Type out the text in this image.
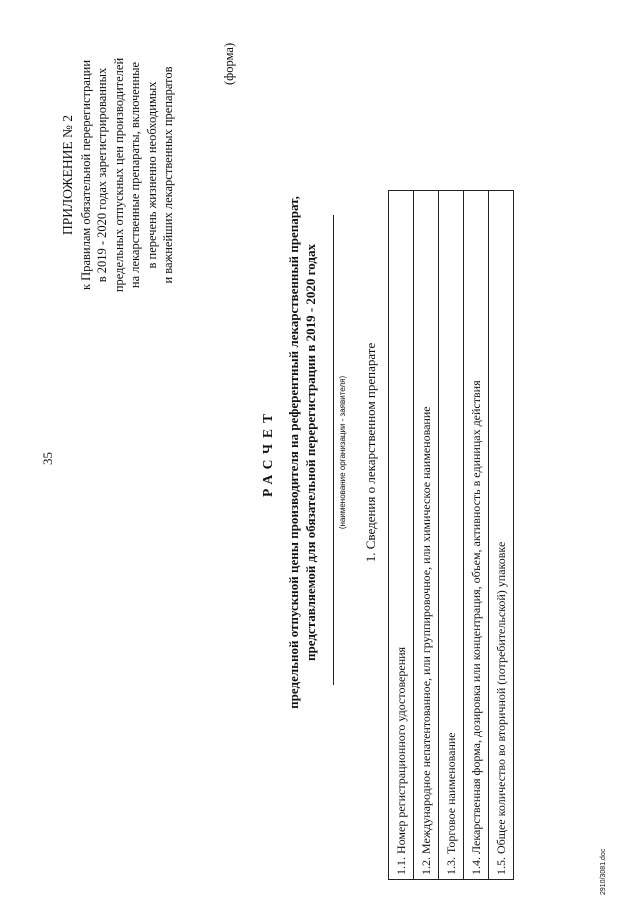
35
ПРИЛОЖЕНИЕ № 2 к Правилам обязательной перерегистрации в 2019 - 2020 годах зарегистрированных предельных отпускных цен производителей на лекарственные препараты, включенные в перечень жизненно необходимых и важнейших лекарственных препаратов
(форма)
РАСЧЕТ предельной отпускной цены производителя на референтный лекарственный препарат, представляемой для обязательной перерегистрации в 2019 - 2020 годах	(наименование организации - заявителя) 1. Сведения о лекарственном препарате
1.1. Номер регистрационного удостоверения
1.2. Международное непатентованное, или группировочное, или химическое наименование
1.3. Торговое наименование
1.4. Лекарственная форма, дозировка или концентрация, объем, активность в единицах действия
1.5. Общее количество во вторичной (потребительской) упаковке	2910/3081.doc
